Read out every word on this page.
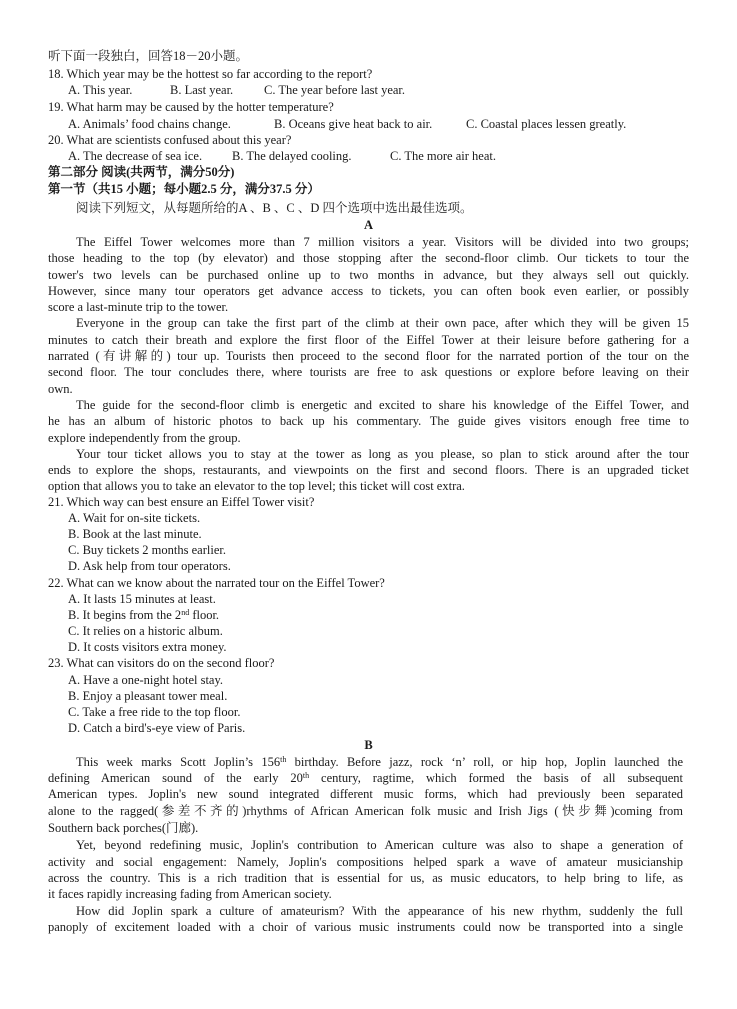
听下面一段独白，回答18－20小题。
18. Which year may be the hottest so far according to the report?
A. This year.	B. Last year. C. The year before last year.
19. What harm may be caused by the hotter temperature?
A. Animals’ food chains change.	B. Oceans give heat back to air.	C. Coastal places lessen greatly.
20. What are scientists confused about this year?
A. The decrease of sea ice. B. The delayed cooling.	C. The more air heat.
第二部分 阅读(共两节，满分50分)
第一节（共15 小题；每小题2.5 分，满分37.5 分）
阅读下列短文，从每题所给的A 、B 、C 、D 四个选项中选出最佳选项。
A
The Eiffel Tower welcomes more than 7 million visitors a year. Visitors will be divided into two groups;
those heading to the top (by elevator) and those stopping after the second-floor climb. Our tickets to tour the
tower's two levels can be purchased online up to two months in advance, but they always sell out quickly.
However, since many tour operators get advance access to tickets, you can often book even earlier, or possibly
score a last-minute trip to the tower.
Everyone in the group can take the first part of the climb at their own pace, after which they will be given 15
minutes to catch their breath and explore the first floor of the Eiffel Tower at their leisure before gathering for a
narrated (有讲解的) tour up. Tourists then proceed to the second floor for the narrated portion of the tour on the
second floor. The tour concludes there, where tourists are free to ask questions or explore before leaving on their
own.
The guide for the second-floor climb is energetic and excited to share his knowledge of the Eiffel Tower, and
he has an album of historic photos to back up his commentary. The guide gives visitors enough free time to
explore independently from the group.
Your tour ticket allows you to stay at the tower as long as you please, so plan to stick around after the tour
ends to explore the shops, restaurants, and viewpoints on the first and second floors. There is an upgraded ticket
option that allows you to take an elevator to the top level; this ticket will cost extra.
21. Which way can best ensure an Eiffel Tower visit?
A. Wait for on-site tickets.
B. Book at the last minute.
C. Buy tickets 2 months earlier.
D. Ask help from tour operators.
22. What can we know about the narrated tour on the Eiffel Tower?
A. It lasts 15 minutes at least.
B. It begins from the 2nd floor.
C. It relies on a historic album.
D. It costs visitors extra money.
23. What can visitors do on the second floor?
A. Have a one-night hotel stay.
B. Enjoy a pleasant tower meal.
C. Take a free ride to the top floor.
D. Catch a bird's-eye view of Paris.
B
This week marks Scott Joplin’s 156th birthday. Before jazz, rock ‘n’ roll, or hip hop, Joplin launched the
defining American sound of the early 20th century, ragtime, which formed the basis of all subsequent
American types. Joplin's new sound integrated different music forms, which had previously been separated
alone to the ragged(参差不齐的)rhythms of African American folk music and Irish Jigs (快步舞)coming from
Southern back porches(门廊).
Yet, beyond redefining music, Joplin's contribution to American culture was also to shape a generation of
activity and social engagement: Namely, Joplin's compositions helped spark a wave of amateur musicianship
across the country. This is a rich tradition that is essential for us, as music educators, to help bring to life, as
it faces rapidly increasing fading from American society.
How did Joplin spark a culture of amateurism? With the appearance of his new rhythm, suddenly the full
panoply of excitement loaded with a choir of various music instruments could now be transported into a single
